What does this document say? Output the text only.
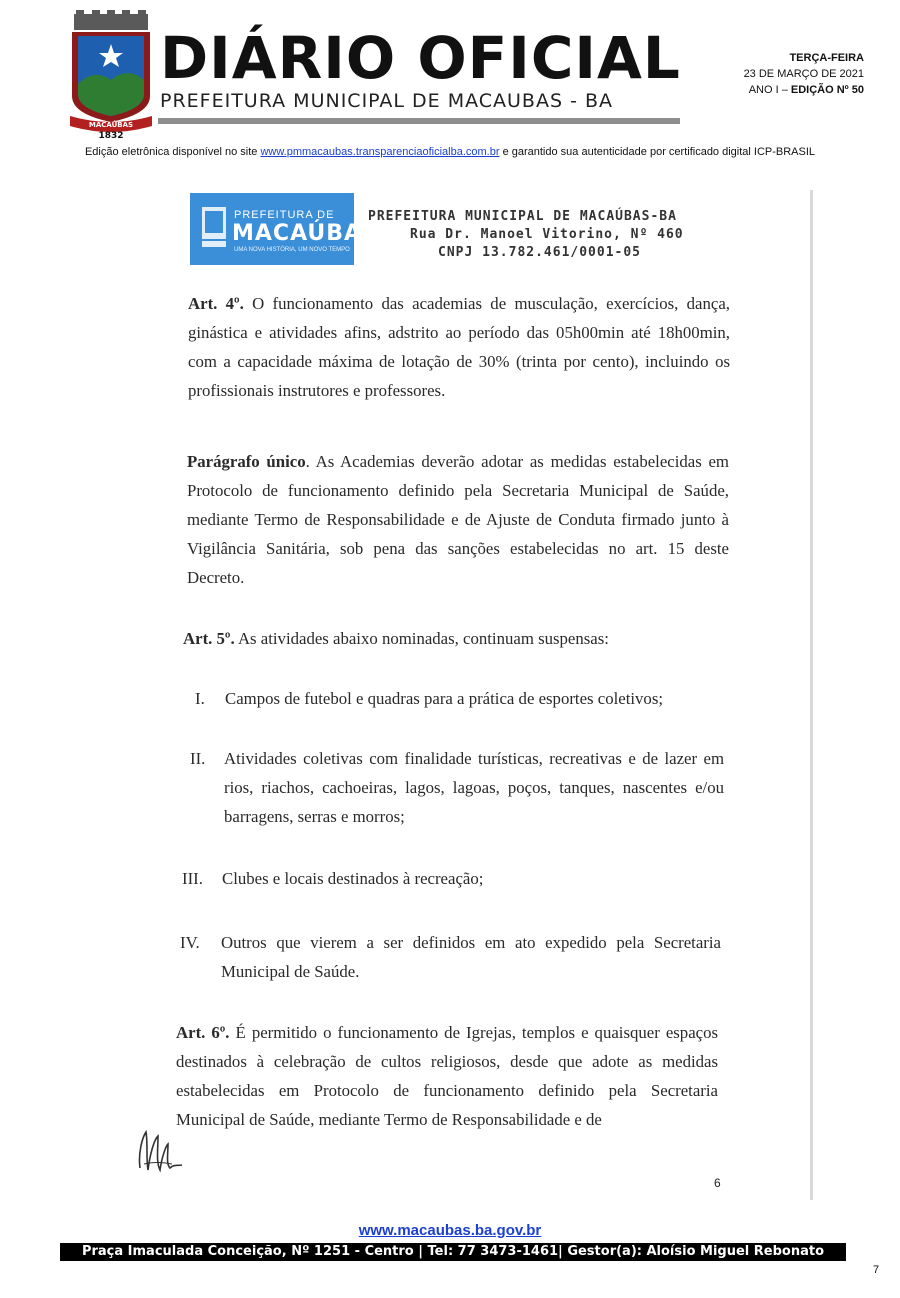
MACAÚBAS
1832
DIÁRIO OFICIAL
PREFEITURA MUNICIPAL DE MACAUBAS - BA
TERÇA-FEIRA
23 DE MARÇO DE 2021
ANO I – EDIÇÃO Nº 50
Edição eletrônica disponível no site www.pmmacaubas.transparenciaoficialba.com.br e garantido sua autenticidade por certificado digital ICP-BRASIL
PREFEITURA DE
MACAÚBAS
UMA NOVA HISTÓRIA, UM NOVO TEMPO
PREFEITURA MUNICIPAL DE MACAÚBAS-BA
Rua Dr. Manoel Vitorino, Nº 460
CNPJ 13.782.461/0001-05
Art. 4º. O funcionamento das academias de musculação, exercícios, dança, ginástica e atividades afins, adstrito ao período das 05h00min até 18h00min, com a capacidade máxima de lotação de 30% (trinta por cento), incluindo os profissionais instrutores e professores.
Parágrafo único. As Academias deverão adotar as medidas estabelecidas em Protocolo de funcionamento definido pela Secretaria Municipal de Saúde, mediante Termo de Responsabilidade e de Ajuste de Conduta firmado junto à Vigilância Sanitária, sob pena das sanções estabelecidas no art. 15 deste Decreto.
Art. 5º. As atividades abaixo nominadas, continuam suspensas:
I. Campos de futebol e quadras para a prática de esportes coletivos;
II. Atividades coletivas com finalidade turísticas, recreativas e de lazer em rios, riachos, cachoeiras, lagos, lagoas, poços, tanques, nascentes e/ou barragens, serras e morros;
III. Clubes e locais destinados à recreação;
IV. Outros que vierem a ser definidos em ato expedido pela Secretaria Municipal de Saúde.
Art. 6º. É permitido o funcionamento de Igrejas, templos e quaisquer espaços destinados à celebração de cultos religiosos, desde que adote as medidas estabelecidas em Protocolo de funcionamento definido pela Secretaria Municipal de Saúde, mediante Termo de Responsabilidade e de
6
www.macaubas.ba.gov.br
Praça Imaculada Conceição, Nº 1251 - Centro | Tel: 77 3473-1461| Gestor(a): Aloísio Miguel Rebonato
7
